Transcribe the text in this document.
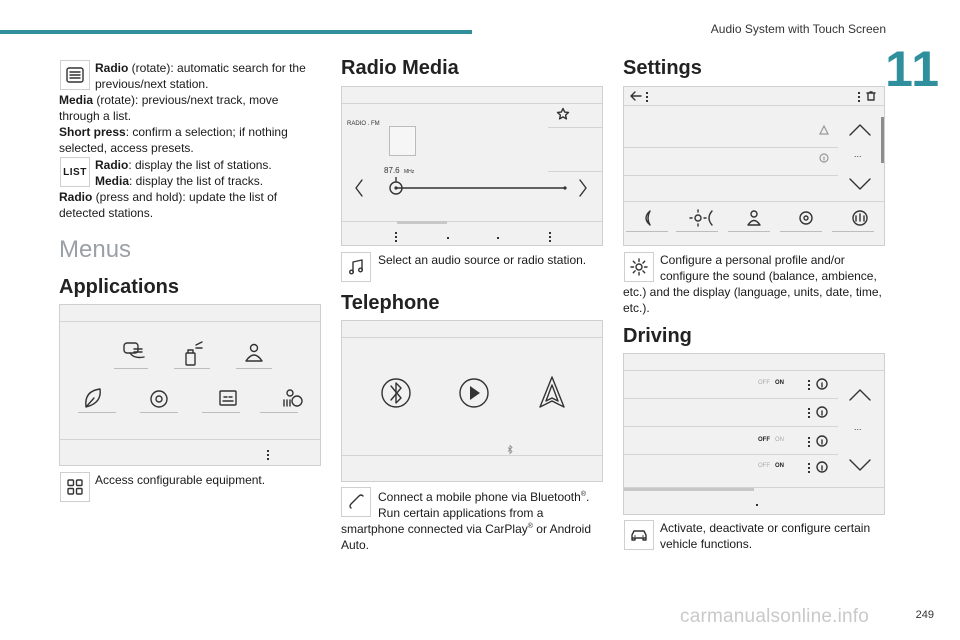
Audio System with Touch Screen
11
Radio (rotate): automatic search for the
previous/next station.
Media (rotate): previous/next track, move
through a list.
Short press: confirm a selection; if nothing
selected, access presets.
LIST Radio: display the list of stations.
Media: display the list of tracks.
Radio (press and hold): update the list of
detected stations.
Menus
Applications
Access configurable equipment.
Radio Media
RADIO . FM
87.6 MHz
Select an audio source or radio station.
Telephone
Connect a mobile phone via Bluetooth®.
Run certain applications from a
smartphone connected via CarPlay® or Android
Auto.
Settings
...
Configure a personal profile and/or
configure the sound (balance, ambience,
etc.) and the display (language, units, date, time,
etc.).
Driving
OFF ON
OFF ON
OFF ON
...
Activate, deactivate or configure certain
vehicle functions.
carmanualsonline.info	249
